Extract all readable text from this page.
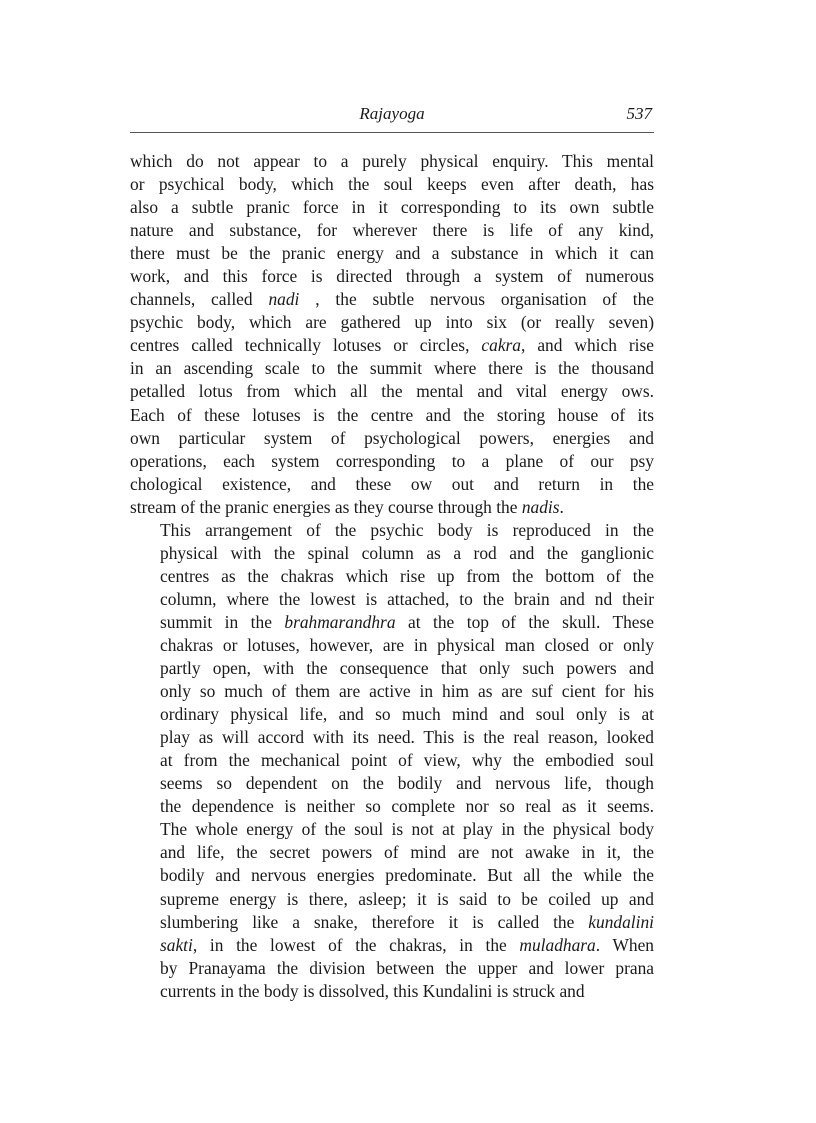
Rajayoga	537

which do not appear to a purely physical enquiry. This mental
or psychical body, which the soul keeps even after death, has
also a subtle pranic force in it corresponding to its own subtle
nature and substance, for wherever there is life of any kind,
there must be the pranic energy and a substance in which it can
work, and this force is directed through a system of numerous
channels, called nadi , the subtle nervous organisation of the
psychic body, which are gathered up into six (or really seven)
centres called technically lotuses or circles, cakra, and which rise
in an ascending scale to the summit where there is the thousand
petalled lotus from which all the mental and vital energy ows.
Each of these lotuses is the centre and the storing house of its
own particular system of psychological powers, energies and
operations, each system corresponding to a plane of our psy
chological existence, and these ow out and return in the
stream of the pranic energies as they course through the nadis.

This arrangement of the psychic body is reproduced in the
physical with the spinal column as a rod and the ganglionic
centres as the chakras which rise up from the bottom of the
column, where the lowest is attached, to the brain and nd their
summit in the brahmarandhra at the top of the skull. These
chakras or lotuses, however, are in physical man closed or only
partly open, with the consequence that only such powers and
only so much of them are active in him as are suf cient for his
ordinary physical life, and so much mind and soul only is at
play as will accord with its need. This is the real reason, looked
at from the mechanical point of view, why the embodied soul
seems so dependent on the bodily and nervous life, though
the dependence is neither so complete nor so real as it seems.
The whole energy of the soul is not at play in the physical body
and life, the secret powers of mind are not awake in it, the
bodily and nervous energies predominate. But all the while the
supreme energy is there, asleep; it is said to be coiled up and
slumbering like a snake, therefore it is called the kundalini
sakti, in the lowest of the chakras, in the muladhara. When
by Pranayama the division between the upper and lower prana
currents in the body is dissolved, this Kundalini is struck and
